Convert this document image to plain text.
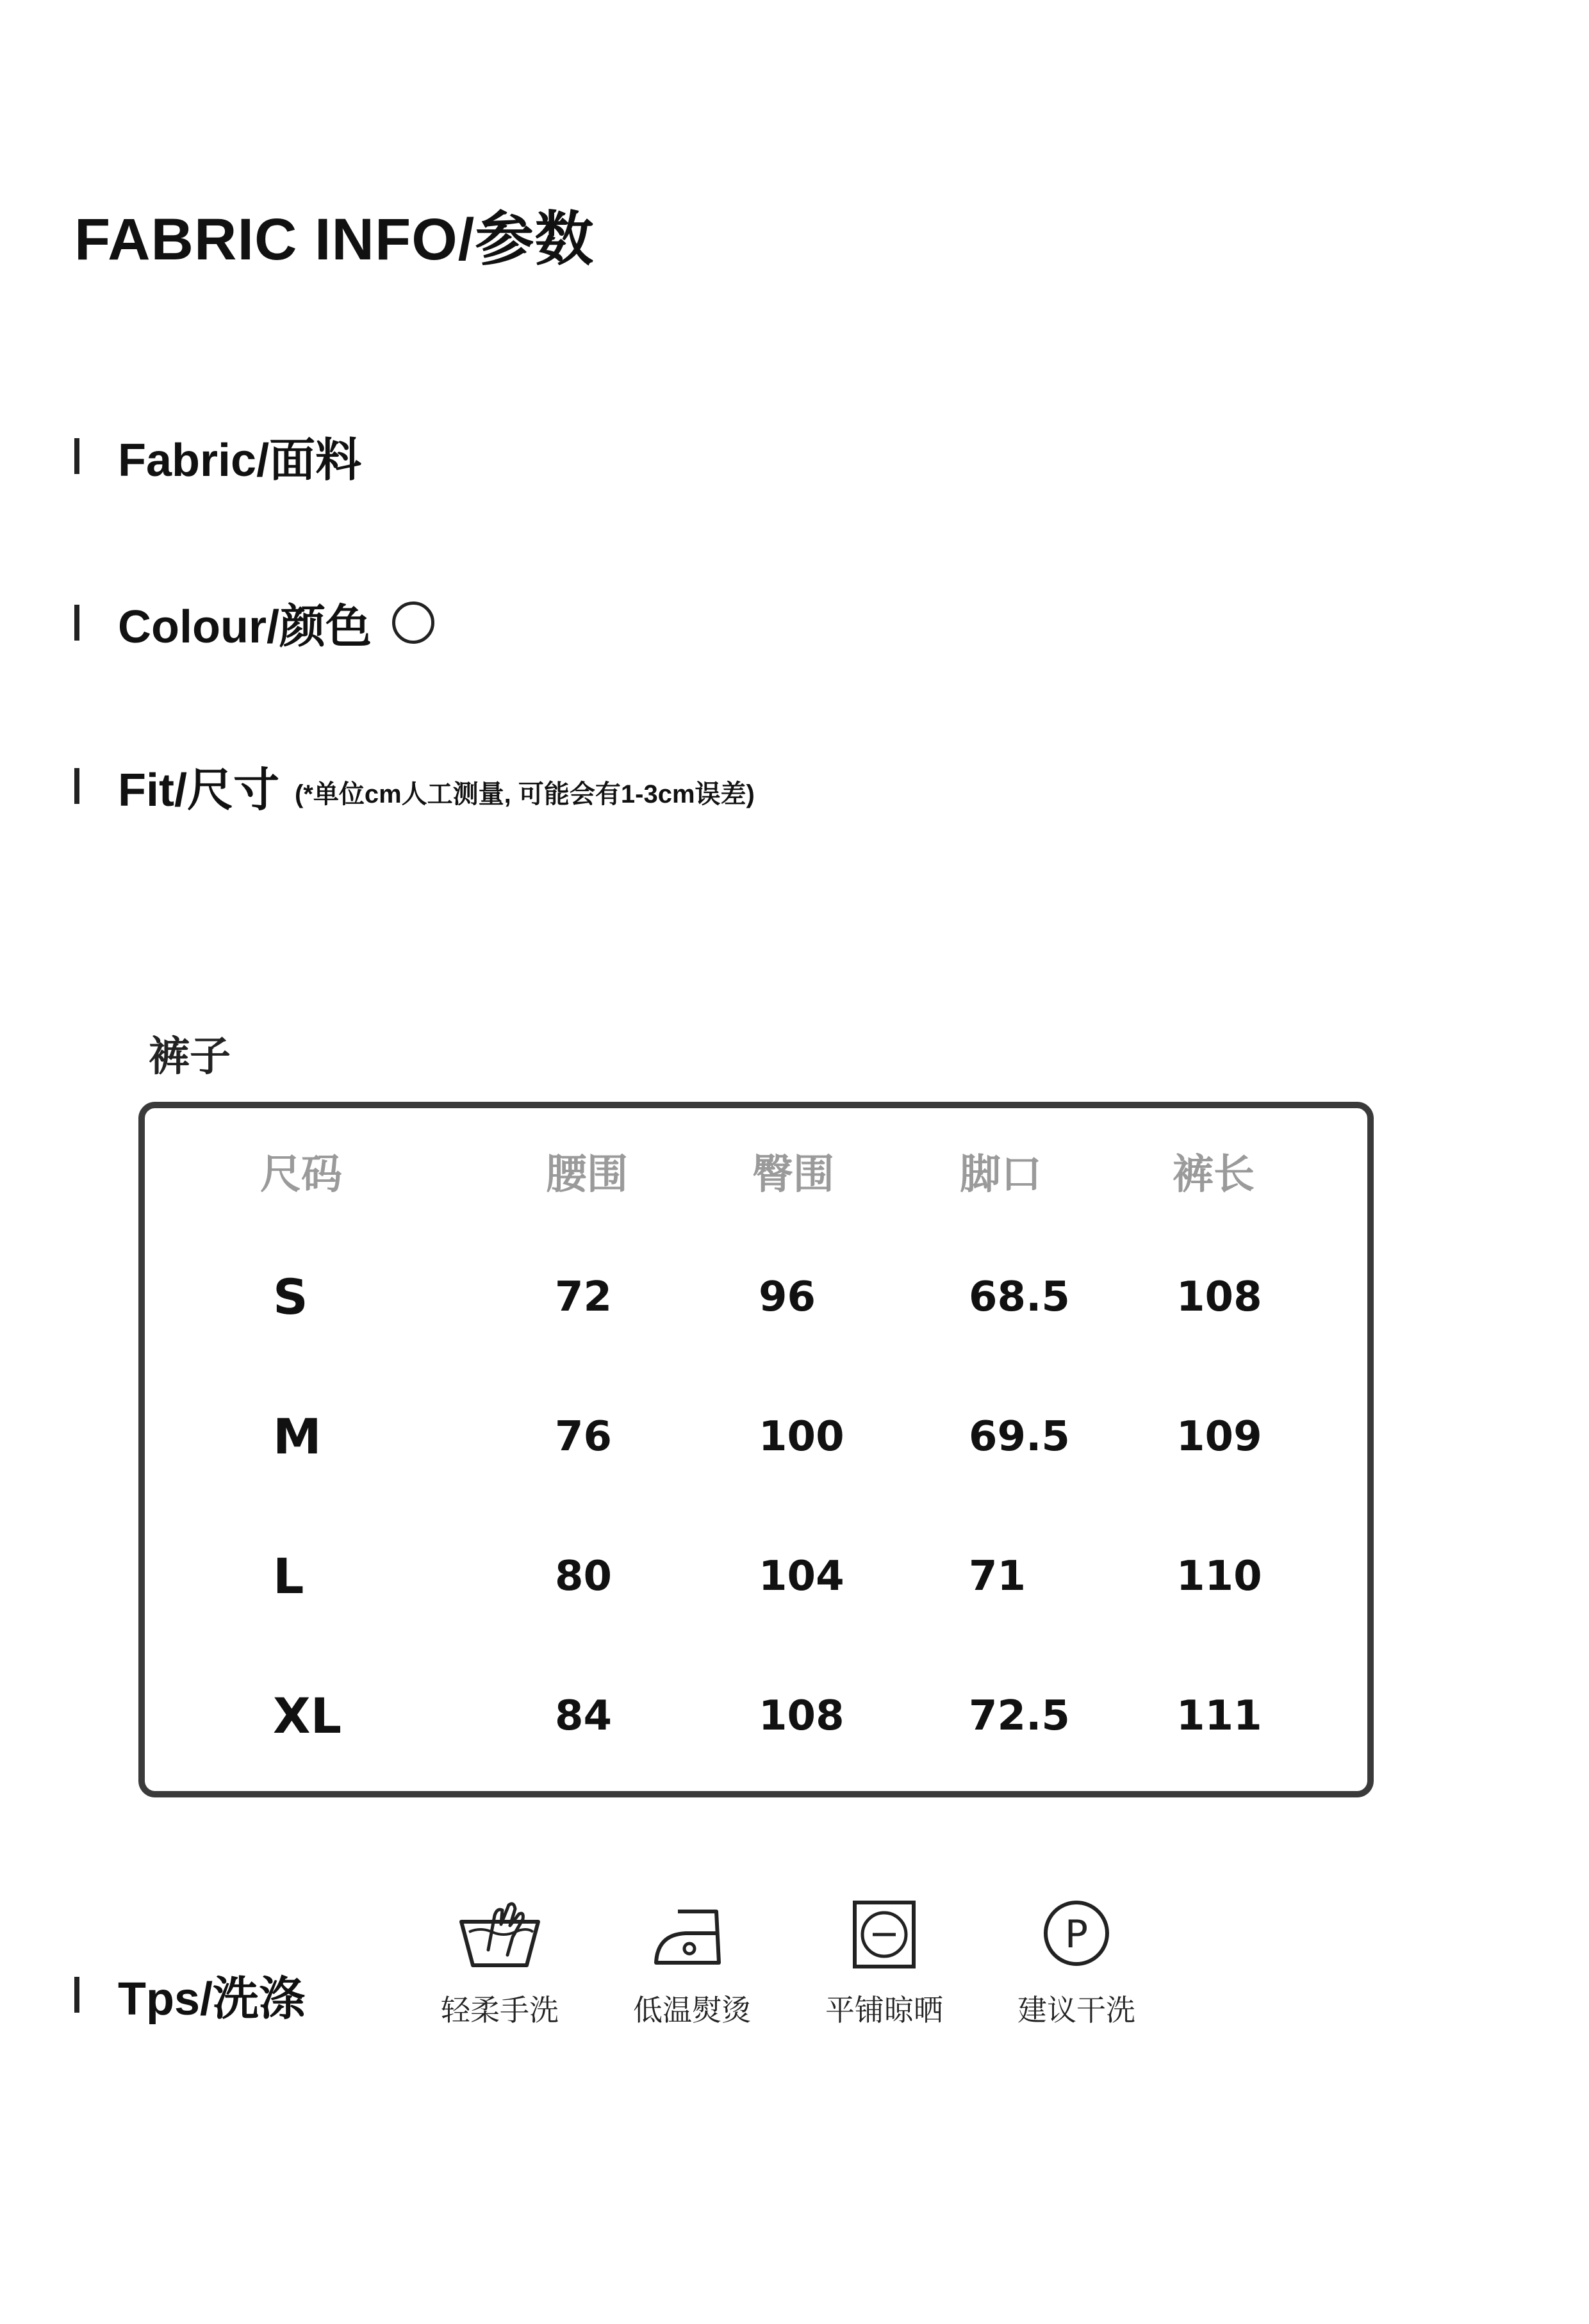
FABRIC INFO/参数
Fabric/面料
Colour/颜色
Fit/尺寸 (*单位cm人工测量, 可能会有1-3cm误差)
裤子
尺码	腰围	臀围	脚口	裤长
S	72	96	68.5	108
M	76	100	69.5	109
L	80	104	71	110
XL	84	108	72.5	111
Tps/洗涤	轻柔手洗	低温熨烫	平铺晾晒
P
建议干洗
